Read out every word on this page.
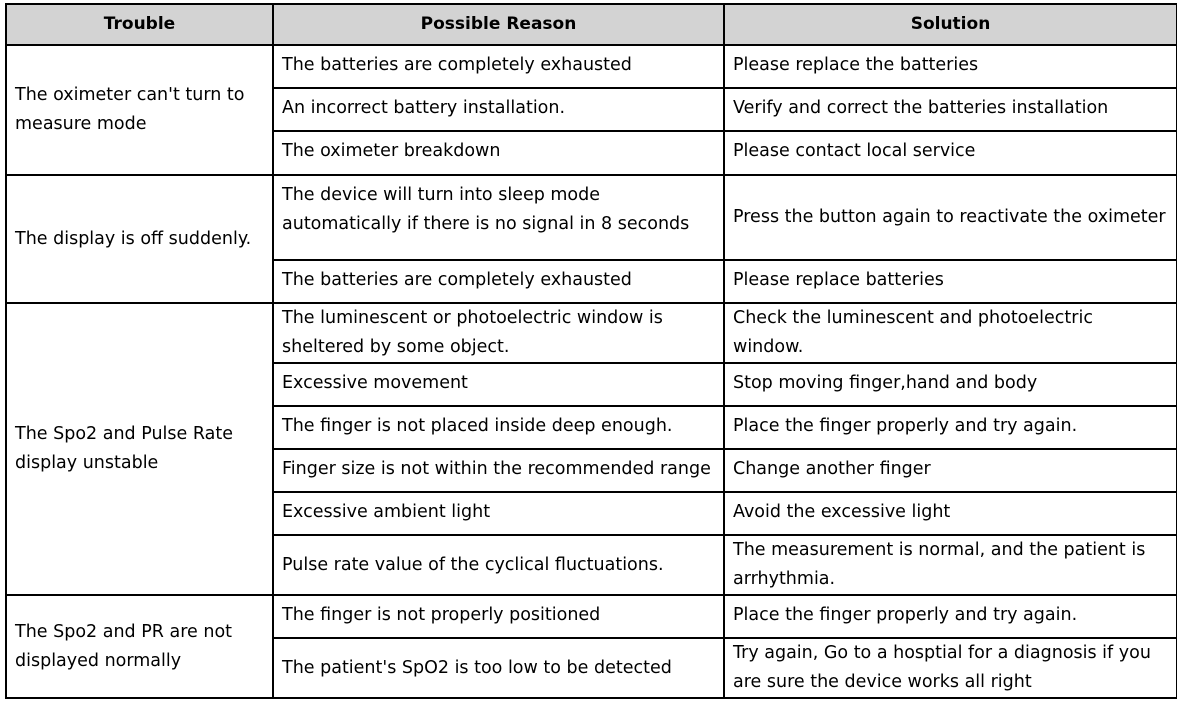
Trouble	Possible Reason	Solution
The oximeter can't turn to measure mode	The batteries are completely exhausted	Please replace the batteries
	An incorrect battery installation.	Verify and correct the batteries installation
	The oximeter breakdown	Please contact local service
The display is off suddenly.	The device will turn into sleep mode automatically if there is no signal in 8 seconds	Press the button again to reactivate the oximeter
	The batteries are completely exhausted	Please replace batteries
The Spo2 and Pulse Rate display unstable	The luminescent or photoelectric window is sheltered by some object.	Check the luminescent and photoelectric window.
	Excessive movement	Stop moving finger,hand and body
	The finger is not placed inside deep enough.	Place the finger properly and try again.
	Finger size is not within the recommended range	Change another finger
	Excessive ambient light	Avoid the excessive light
	Pulse rate value of the cyclical fluctuations.	The measurement is normal, and the patient is arrhythmia.
The Spo2 and PR are not displayed normally	The finger is not properly positioned	Place the finger properly and try again.
	The patient's SpO2 is too low to be detected	Try again, Go to a hosptial for a diagnosis if you are sure the device works all right
